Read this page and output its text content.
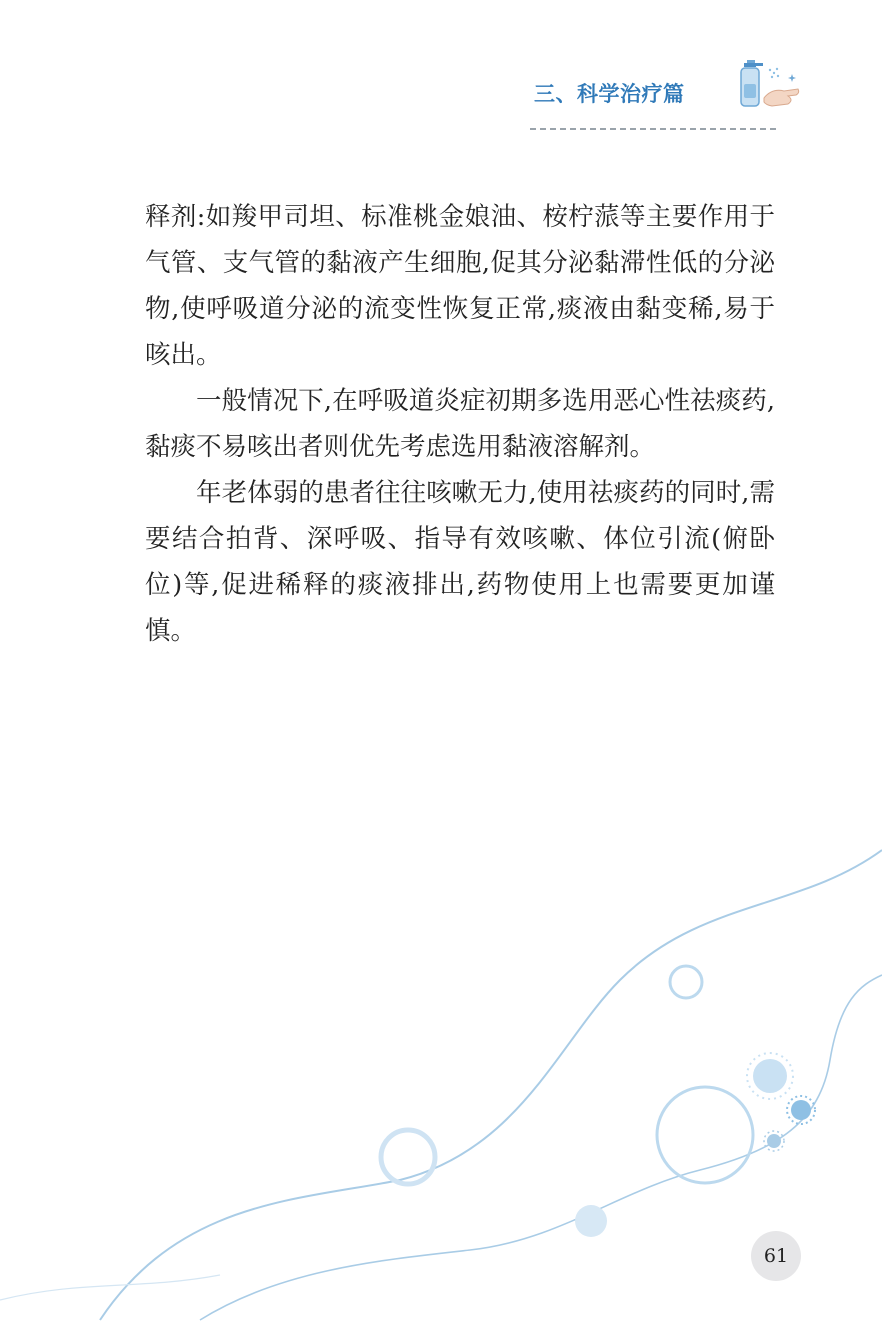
三、科学治疗篇

释剂:如羧甲司坦、标准桃金娘油、桉柠蒎等主要作用于气管、支气管的黏液产生细胞,促其分泌黏滞性低的分泌物,使呼吸道分泌的流变性恢复正常,痰液由黏变稀,易于咳出。

一般情况下,在呼吸道炎症初期多选用恶心性祛痰药,黏痰不易咳出者则优先考虑选用黏液溶解剂。

年老体弱的患者往往咳嗽无力,使用祛痰药的同时,需要结合拍背、深呼吸、指导有效咳嗽、体位引流(俯卧位)等,促进稀释的痰液排出,药物使用上也需要更加谨慎。

61
